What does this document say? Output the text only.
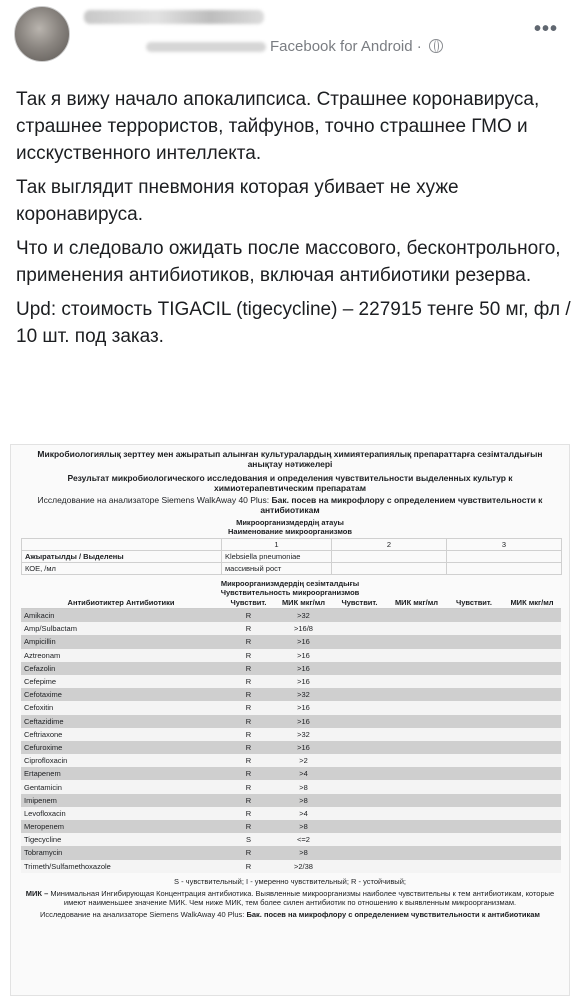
Facebook for Android ·
•••

Так я вижу начало апокалипсиса. Страшнее коронавируса, страшнее террористов, тайфунов, точно страшнее ГМО и исскуственного интеллекта.

Так выглядит пневмония которая убивает не хуже коронавируса.

Что и следовало ожидать после массового, бесконтрольного, применения антибиотиков, включая антибиотики резерва.

Upd: стоимость TIGACIL (tigecycline) – 227915 тенге 50 мг, фл / 10 шт. под заказ.

Микробиологиялық зерттеу мен ажыратып алынған культуралардың химиятерапиялық препараттарға сезімталдығын анықтау нәтижелері
Результат микробиологического исследования и определения чувствительности выделенных культур к химиотерапевтическим препаратам
Исследование на анализаторе Siemens WalkAway 40 Plus: Бак. посев на микрофлору с определением чувствительности к антибиотикам
Микроорганизмдердің атауы
Наименование микроорганизмов
	1	2	3
Ажыратылды / Выделены	Klebsiella pneumoniae		
КОЕ, /мл	массивный рост		
Микроорганизмдердің сезімталдығы
Чувствительность микроорганизмов
Антибиотиктер Антибиотики	Чувствит.	МИК мкг/мл	Чувствит.	МИК мкг/мл	Чувствит.	МИК мкг/мл
Amikacin	R	>32				
Amp/Sulbactam	R	>16/8				
Ampicillin	R	>16				
Aztreonam	R	>16				
Cefazolin	R	>16				
Cefepime	R	>16				
Cefotaxime	R	>32				
Cefoxitin	R	>16				
Ceftazidime	R	>16				
Ceftriaxone	R	>32				
Cefuroxime	R	>16				
Ciprofloxacin	R	>2				
Ertapenem	R	>4				
Gentamicin	R	>8				
Imipenem	R	>8				
Levofloxacin	R	>4				
Meropenem	R	>8				
Tigecycline	S	<=2				
Tobramycin	R	>8				
Trimeth/Sulfamethoxazole	R	>2/38				
S - чувствительный; I - умеренно чувствительный; R - устойчивый;
МИК – Минимальная Ингибирующая Концентрация антибиотика. Выявленные микроорганизмы наиболее чувствительны к тем антибиотикам, которые имеют наименьшее значение МИК. Чем ниже МИК, тем более силен антибиотик по отношению к выявленным микроорганизмам.
Исследование на анализаторе Siemens WalkAway 40 Plus: Бак. посев на микрофлору с определением чувствительности к антибиотикам
